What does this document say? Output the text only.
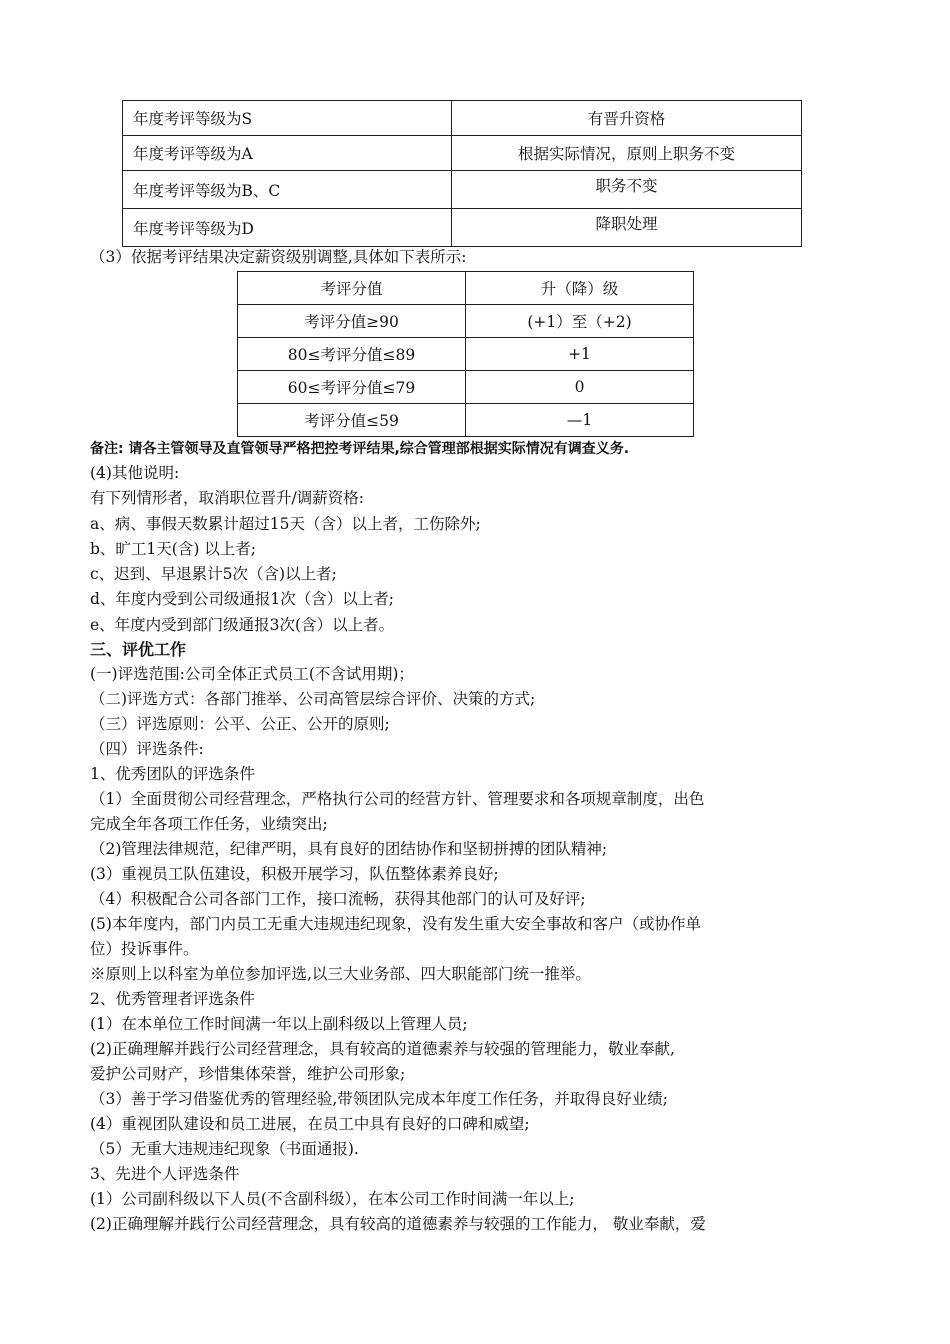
年度考评等级为S	有晋升资格
年度考评等级为A	根据实际情况，原则上职务不变
年度考评等级为B、C	职务不变
年度考评等级为D	降职处理
（3）依据考评结果决定薪资级别调整,具体如下表所示:
考评分值	升（降）级
考评分值≥90	(+1）至（+2)
80≤考评分值≤89	+1
60≤考评分值≤79	0
考评分值≤59	—1
备注: 请各主管领导及直管领导严格把控考评结果,综合管理部根据实际情况有调查义务.
(4)其他说明:
有下列情形者，取消职位晋升/调薪资格:
a、病、事假天数累计超过15天（含）以上者，工伤除外;
b、旷工1天(含) 以上者;
c、迟到、早退累计5次（含)以上者;
d、年度内受到公司级通报1次（含）以上者;
e、年度内受到部门级通报3次(含）以上者。
三、评优工作
(一)评选范围:公司全体正式员工(不含试用期)；
（二)评选方式：各部门推举、公司高管层综合评价、决策的方式;
（三）评选原则：公平、公正、公开的原则;
（四）评选条件:
1、优秀团队的评选条件
（1）全面贯彻公司经营理念，严格执行公司的经营方针、管理要求和各项规章制度，出色
完成全年各项工作任务，业绩突出;
（2)管理法律规范，纪律严明，具有良好的团结协作和坚韧拼搏的团队精神;
(3）重视员工队伍建设，积极开展学习，队伍整体素养良好;
（4）积极配合公司各部门工作，接口流畅，获得其他部门的认可及好评;
(5)本年度内，部门内员工无重大违规违纪现象，没有发生重大安全事故和客户（或协作单
位）投诉事件。
※原则上以科室为单位参加评选,以三大业务部、四大职能部门统一推举。
2、优秀管理者评选条件
(1）在本单位工作时间满一年以上副科级以上管理人员;
(2)正确理解并践行公司经营理念，具有较高的道德素养与较强的管理能力，敬业奉献,
爱护公司财产，珍惜集体荣誉，维护公司形象;
（3）善于学习借鉴优秀的管理经验,带领团队完成本年度工作任务，并取得良好业绩;
(4）重视团队建设和员工进展，在员工中具有良好的口碑和威望;
（5）无重大违规违纪现象（书面通报).
3、先进个人评选条件
(1）公司副科级以下人员(不含副科级），在本公司工作时间满一年以上;
(2)正确理解并践行公司经营理念，具有较高的道德素养与较强的工作能力， 敬业奉献，爱
